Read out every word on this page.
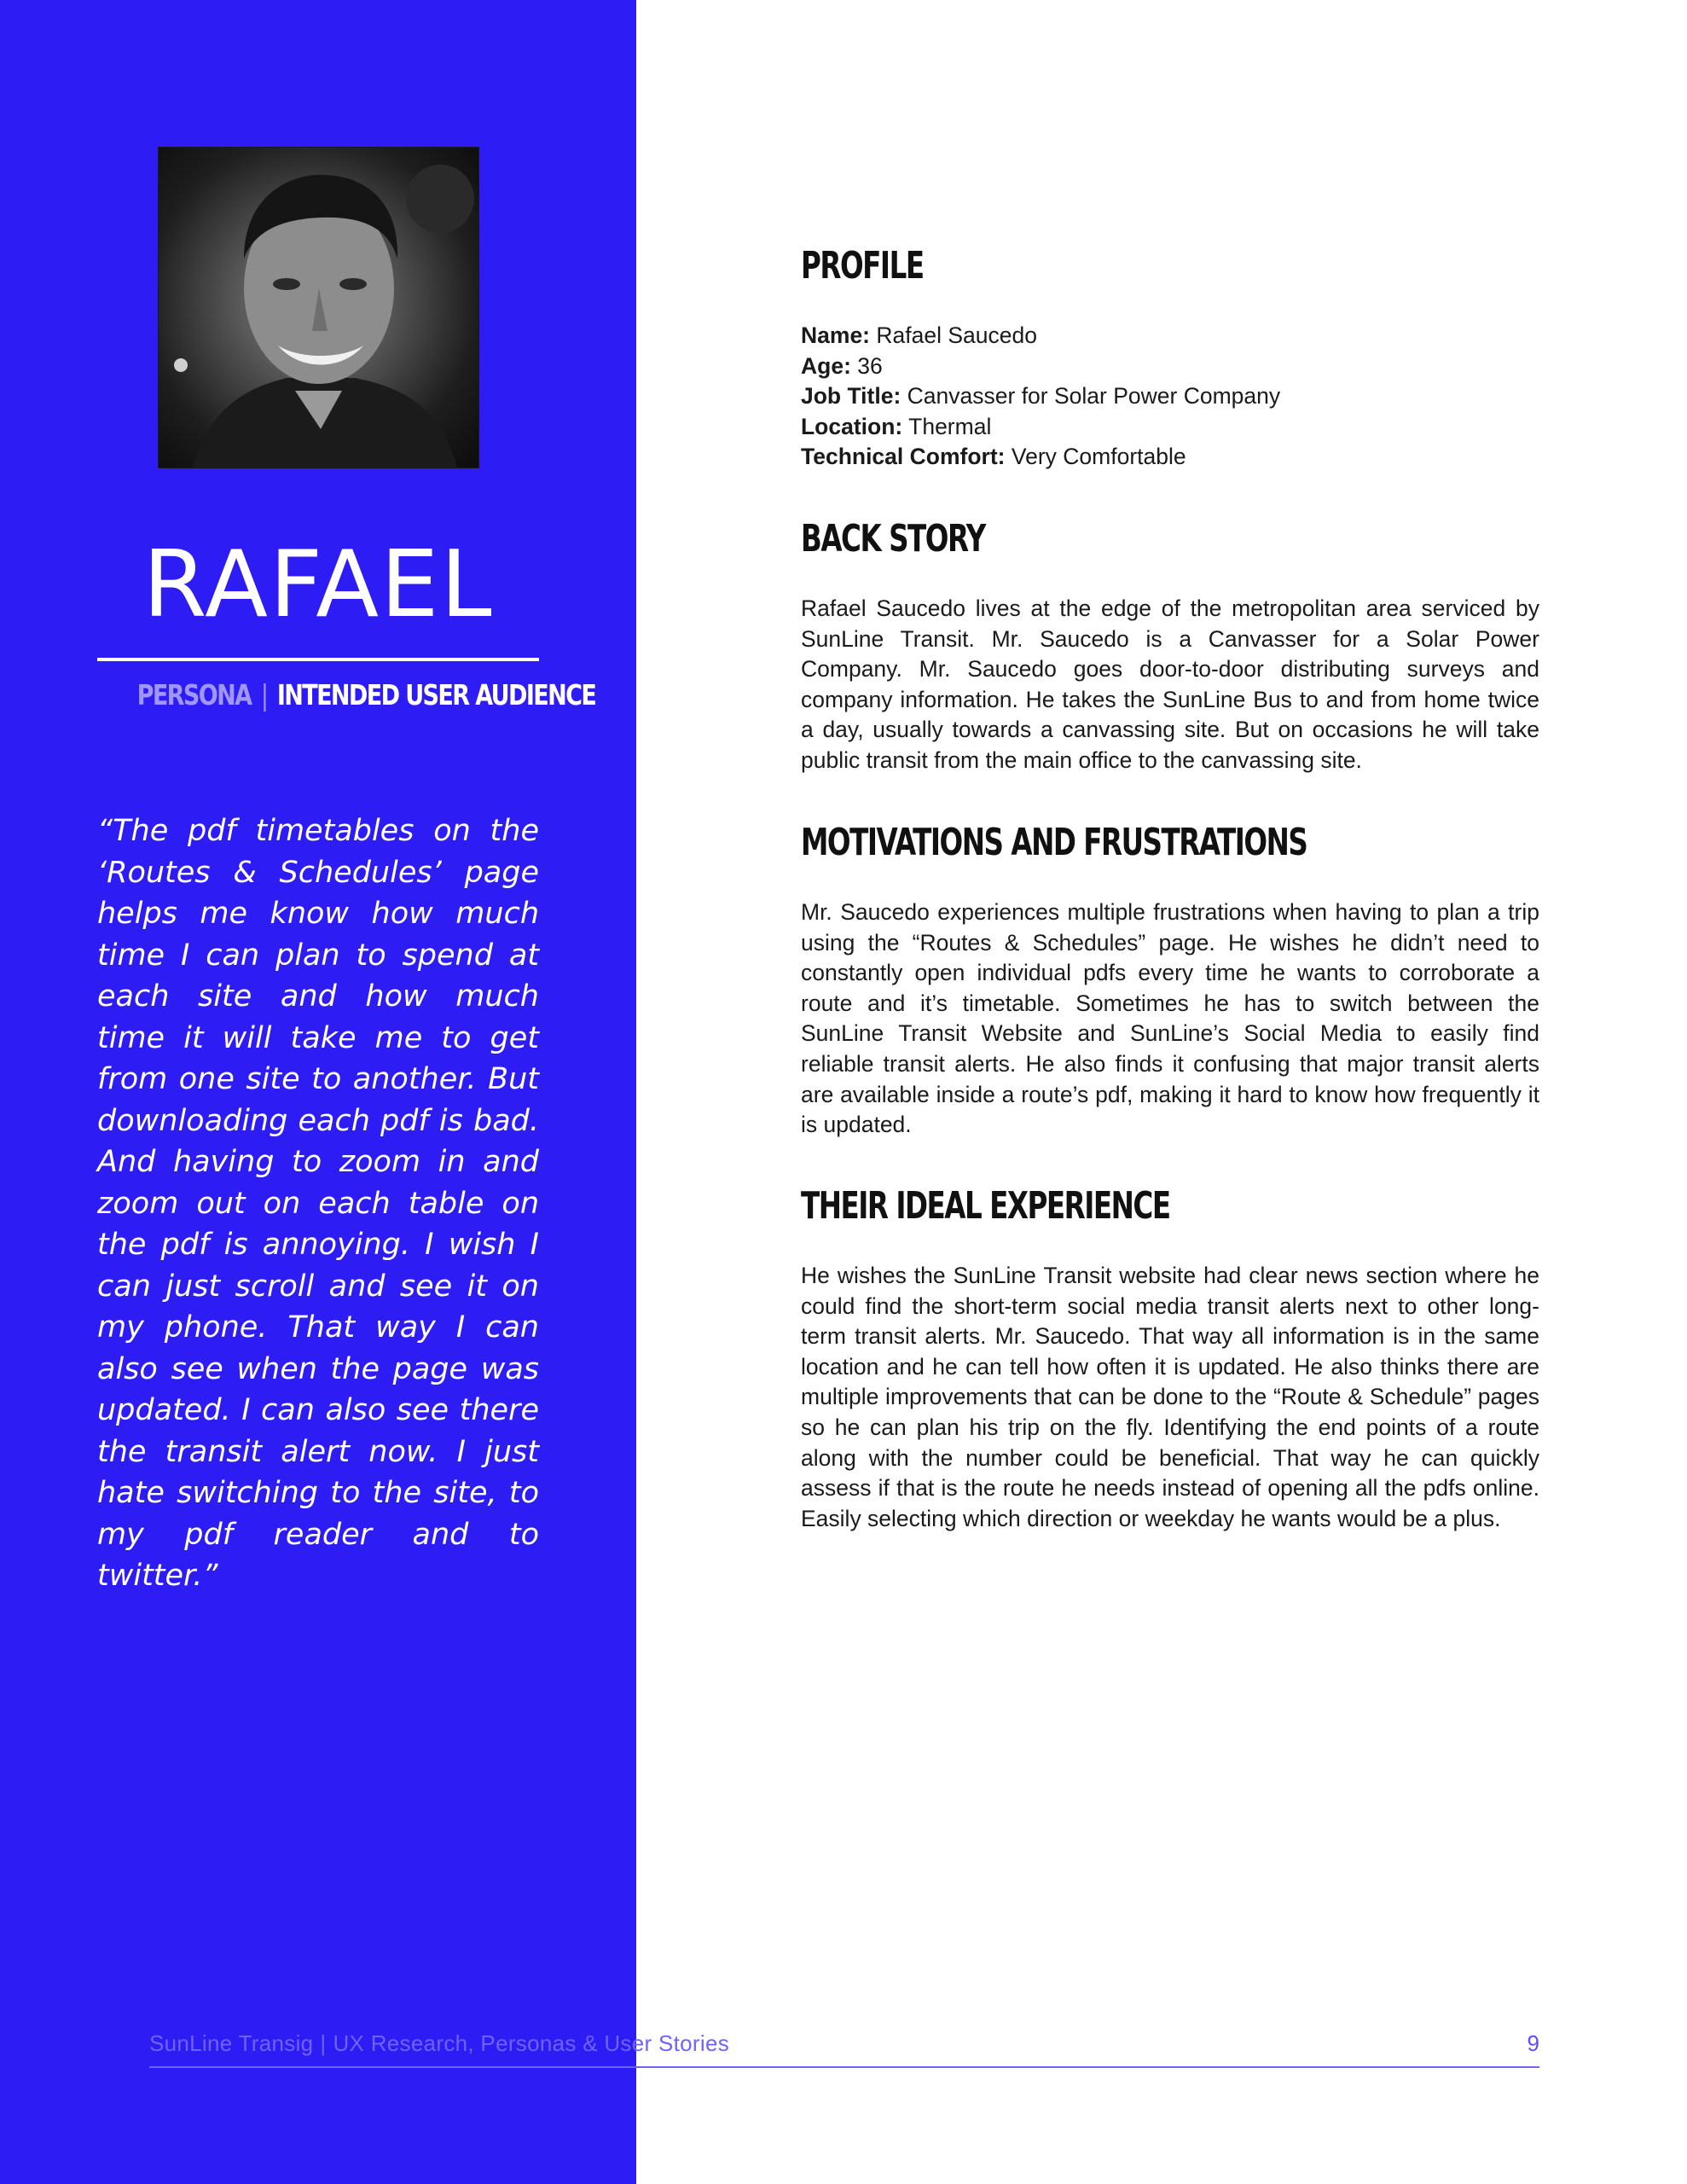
RAFAEL
PERSONA | INTENDED USER AUDIENCE

“The pdf timetables on the ‘Routes & Schedules’ page helps me know how much time I can plan to spend at each site and how much time it will take me to get from one site to another. But downloading each pdf is bad. And having to zoom in and zoom out on each table on the pdf is annoying. I wish I can just scroll and see it on my phone. That way I can also see when the page was updated. I can also see there the transit alert now. I just hate switching to the site, to my pdf reader and to twitter.”

PROFILE
Name: Rafael Saucedo
Age: 36
Job Title: Canvasser for Solar Power Company
Location: Thermal
Technical Comfort: Very Comfortable
BACK STORY

Rafael Saucedo lives at the edge of the metropolitan area serviced by SunLine Transit. Mr. Saucedo is a Canvasser for a Solar Power Company. Mr. Saucedo goes door-to-door distributing surveys and company information. He takes the SunLine Bus to and from home twice a day, usually towards a canvassing site. But on occasions he will take public transit from the main office to the canvassing site.

MOTIVATIONS AND FRUSTRATIONS

Mr. Saucedo experiences multiple frustrations when having to plan a trip using the “Routes & Schedules” page. He wishes he didn’t need to constantly open individual pdfs every time he wants to corroborate a route and it’s timetable. Sometimes he has to switch between the SunLine Transit Website and SunLine’s Social Media to easily find reliable transit alerts. He also finds it confusing that major transit alerts are available inside a route’s pdf, making it hard to know how frequently it is updated.

THEIR IDEAL EXPERIENCE

He wishes the SunLine Transit website had clear news section where he could find the short-term social media transit alerts next to other long-term transit alerts. Mr. Saucedo. That way all information is in the same location and he can tell how often it is updated. He also thinks there are multiple improvements that can be done to the “Route & Schedule” pages so he can plan his trip on the fly. Identifying the end points of a route along with the number could be beneficial. That way he can quickly assess if that is the route he needs instead of opening all the pdfs online. Easily selecting which direction or weekday he wants would be a plus.

SunLine Transig | UX Research, Personas & User Stories	9
